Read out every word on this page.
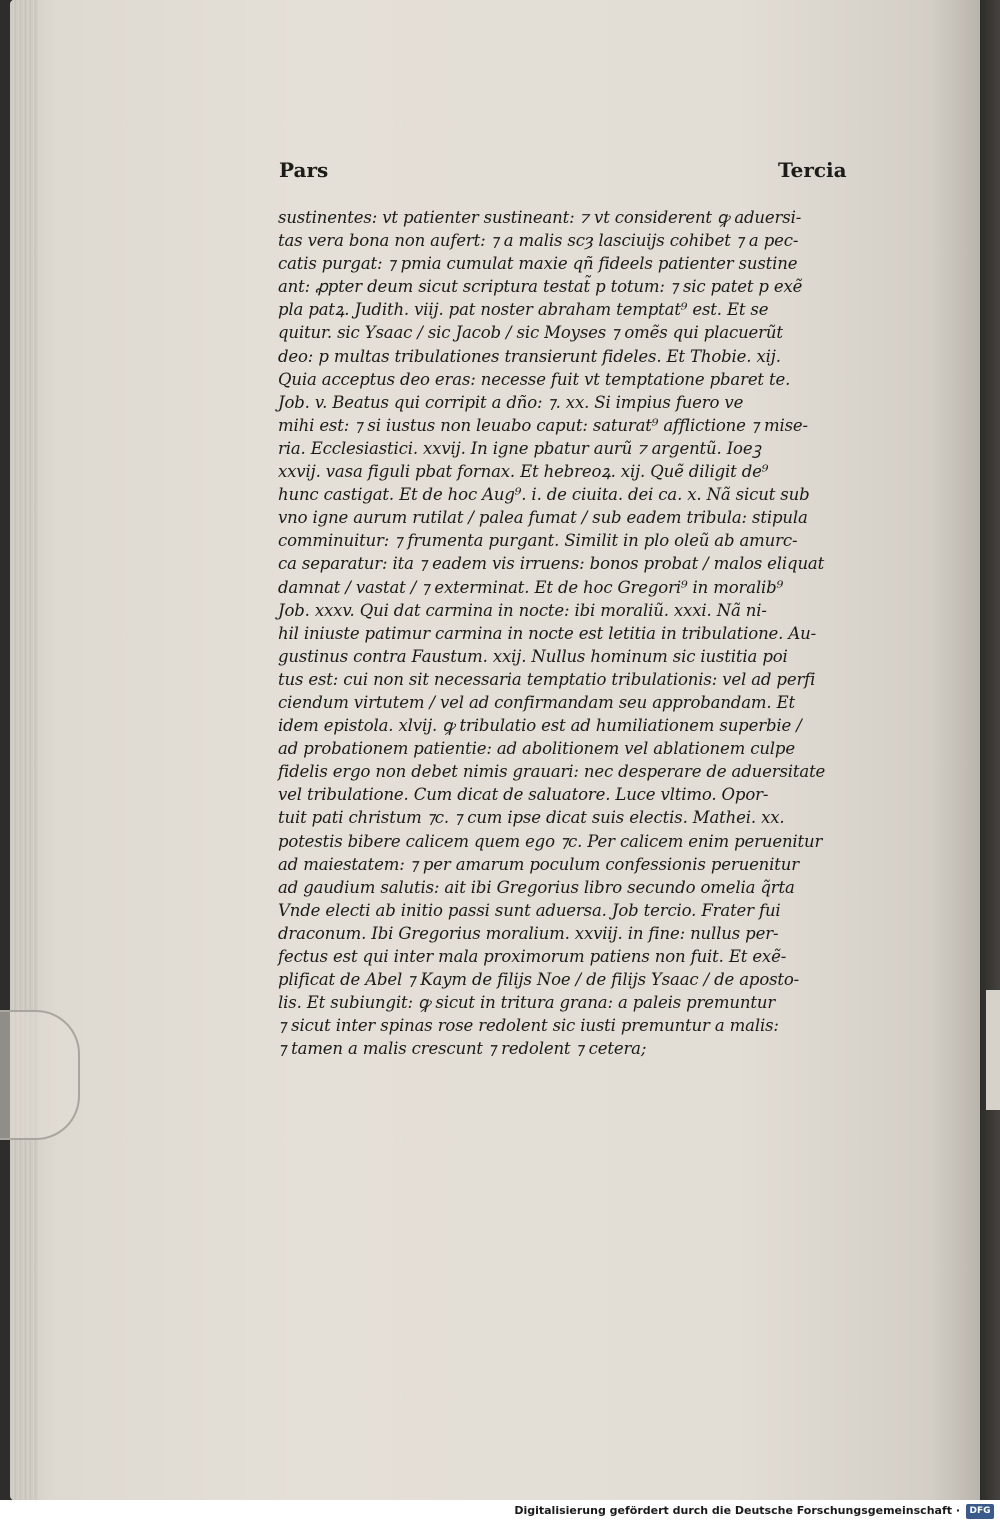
Pars	Tercia
sustinentes: vt patienter sustineant: ⁊ vt considerent ꝙ aduersi-
tas vera bona non aufert: ⁊ a malis scȝ lasciuijs cohibet ⁊ a pec-
catis purgat: ⁊ pmia cumulat maxie qñ fideels patienter sustine
ant: ꝓpter deum sicut scriptura testat̃ p totum: ⁊ sic patet p exẽ
pla patꝝ. Judith. viij. pat noster abraham temptat⁹ est. Et se
quitur. sic Ysaac / sic Jacob / sic Moyses ⁊ omẽs qui placuerũt
deo: p multas tribulationes transierunt fideles. Et Thobie. xij.
Quia acceptus deo eras: necesse fuit vt temptatione pbaret te.
Job. v. Beatus qui corripit a dño: ⁊. xx. Si impius fuero ve
mihi est: ⁊ si iustus non leuabo caput: saturat⁹ afflictione ⁊ mise-
ria. Ecclesiastici. xxvij. In igne pbatur aurũ ⁊ argentũ. Ioeꝫ
xxvij. vasa figuli pbat fornax. Et hebreoꝝ. xij. Quẽ diligit de⁹
hunc castigat. Et de hoc Aug⁹. i. de ciuita. dei ca. x. Nã sicut sub
vno igne aurum rutilat / palea fumat / sub eadem tribula: stipula
comminuitur: ⁊ frumenta purgant. Similit in plo oleũ ab amurc-
ca separatur: ita ⁊ eadem vis irruens: bonos probat / malos eliquat
damnat / vastat / ⁊ exterminat. Et de hoc Gregori⁹ in moralib⁹
Job. xxxv. Qui dat carmina in nocte: ibi moraliũ. xxxi. Nã ni-
hil iniuste patimur carmina in nocte est letitia in tribulatione. Au-
gustinus contra Faustum. xxij. Nullus hominum sic iustitia poi
tus est: cui non sit necessaria temptatio tribulationis: vel ad perfi
ciendum virtutem / vel ad confirmandam seu approbandam. Et
idem epistola. xlvij. ꝙ tribulatio est ad humiliationem superbie /
ad probationem patientie: ad abolitionem vel ablationem culpe
fidelis ergo non debet nimis grauari: nec desperare de aduersitate
vel tribulatione. Cum dicat de saluatore. Luce vltimo. Opor-
tuit pati christum ⁊c. ⁊ cum ipse dicat suis electis. Mathei. xx.
potestis bibere calicem quem ego ⁊c. Per calicem enim peruenitur
ad maiestatem: ⁊ per amarum poculum confessionis peruenitur
ad gaudium salutis: ait ibi Gregorius libro secundo omelia q̃rta
Vnde electi ab initio passi sunt aduersa. Job tercio. Frater fui
draconum. Ibi Gregorius moralium. xxviij. in fine: nullus per-
fectus est qui inter mala proximorum patiens non fuit. Et exẽ-
plificat de Abel ⁊ Kaym de filijs Noe / de filijs Ysaac / de aposto-
lis. Et subiungit: ꝙ sicut in tritura grana: a paleis premuntur
⁊ sicut inter spinas rose redolent sic iusti premuntur a malis:
⁊ tamen a malis crescunt ⁊ redolent ⁊ cetera;
Digitalisierung gefördert durch die Deutsche Forschungsgemeinschaft ·	DFG
